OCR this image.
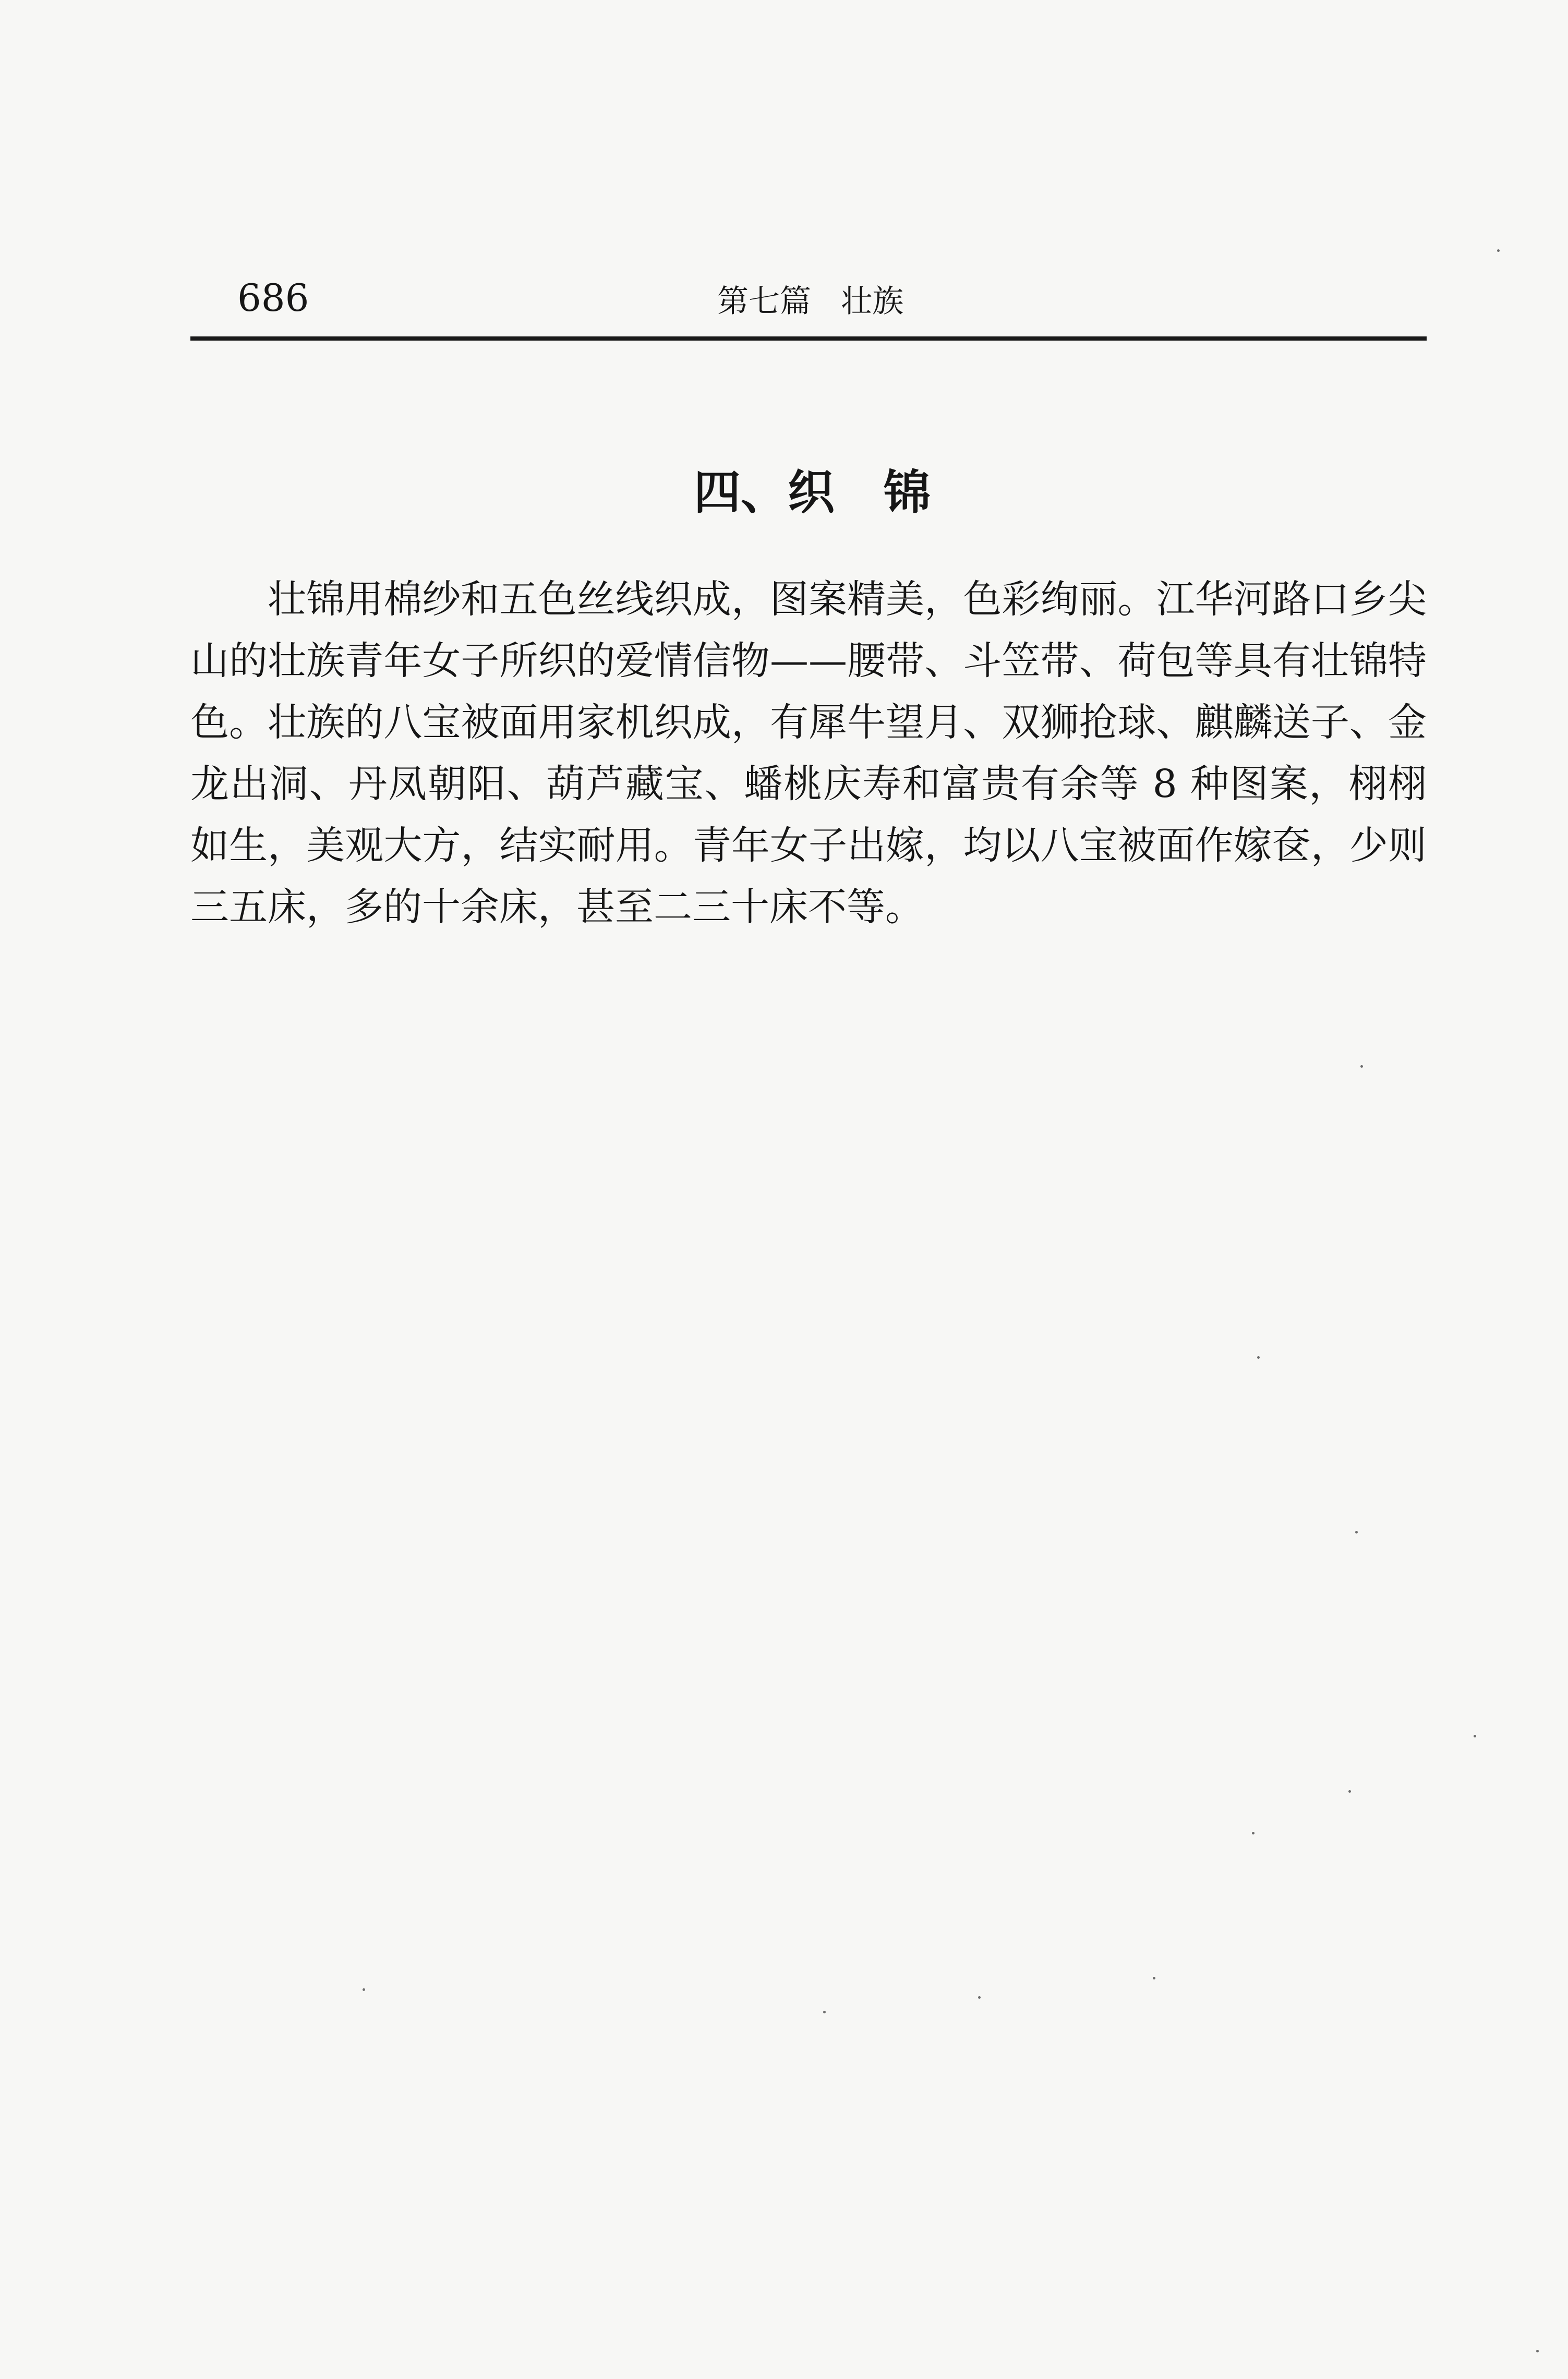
686	第七篇   壮族
四、织   锦

壮锦用棉纱和五色丝线织成，图案精美，色彩绚丽。江华河路口乡尖山的壮族青年女子所织的爱情信物——腰带、斗笠带、荷包等具有壮锦特色。壮族的八宝被面用家机织成，有犀牛望月、双狮抢球、麒麟送子、金龙出洞、丹凤朝阳、葫芦藏宝、蟠桃庆寿和富贵有余等 8 种图案，栩栩如生，美观大方，结实耐用。青年女子出嫁，均以八宝被面作嫁奁，少则三五床，多的十余床，甚至二三十床不等。
